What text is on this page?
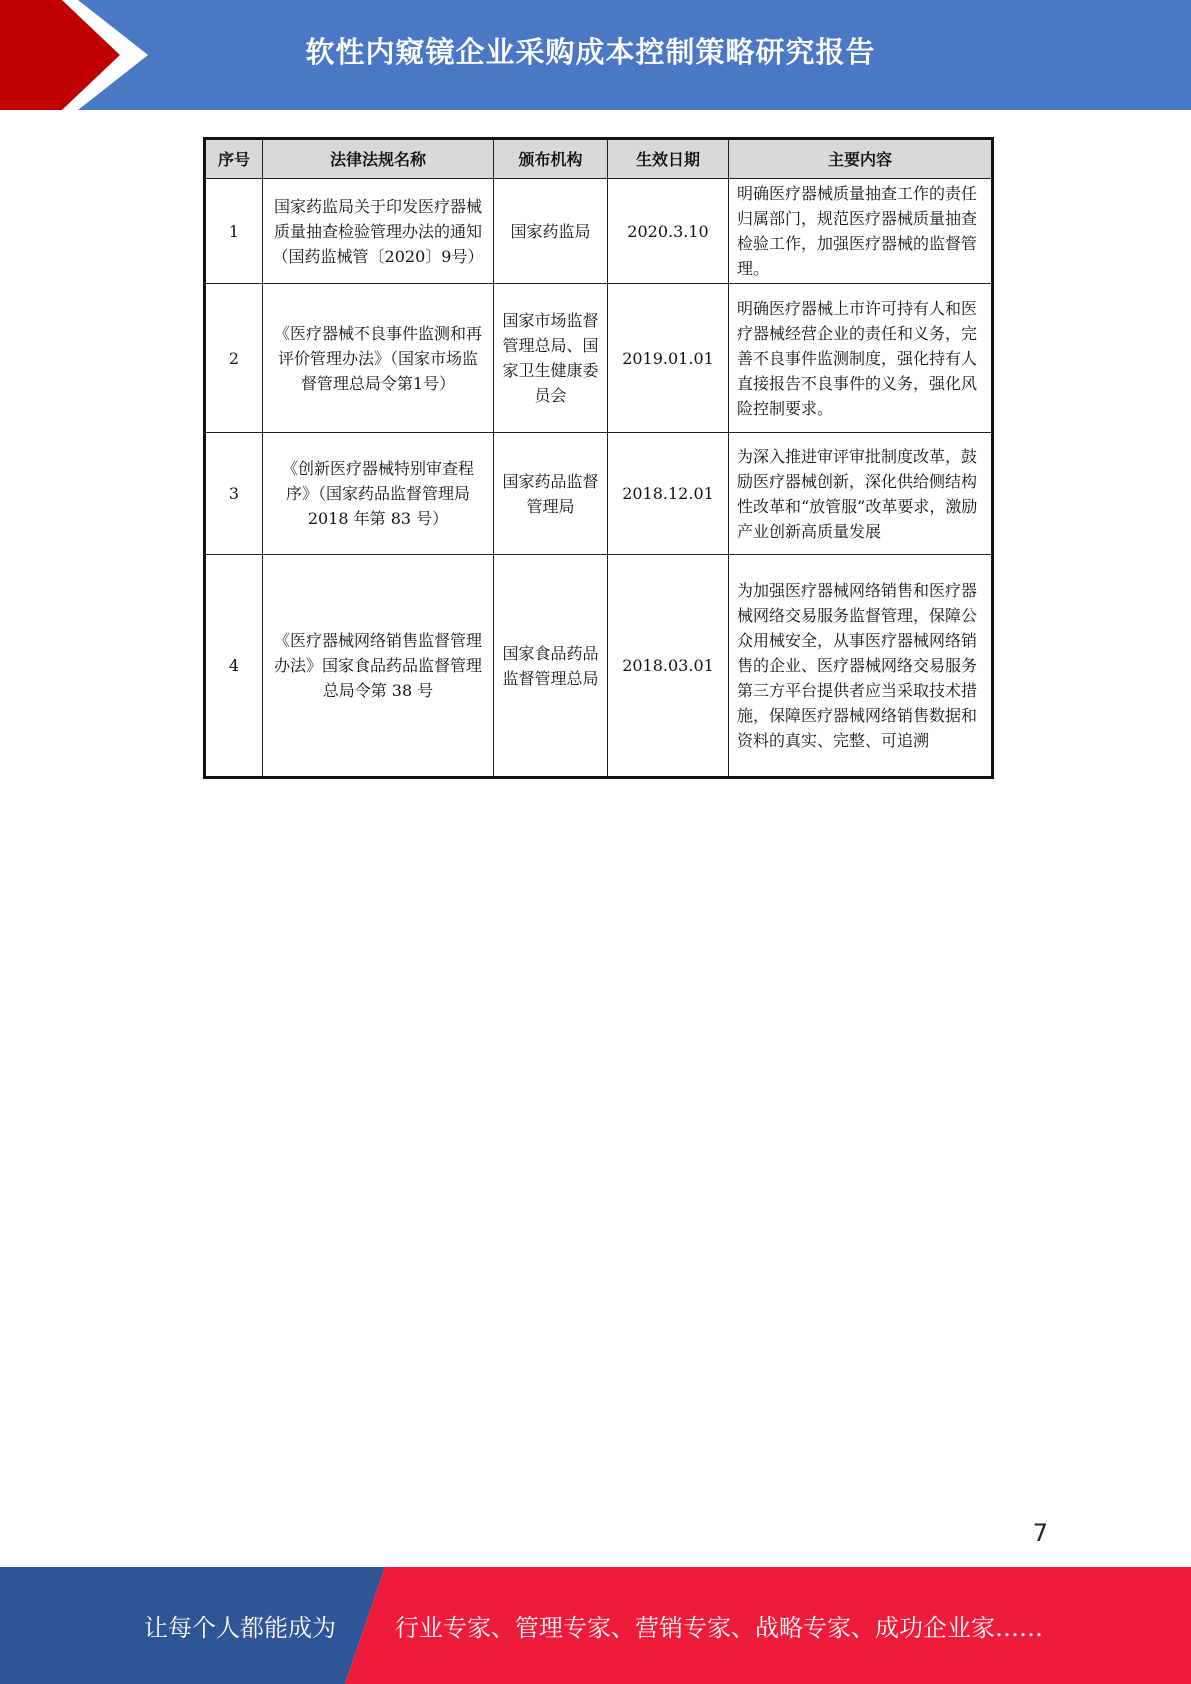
软性内窥镜企业采购成本控制策略研究报告
序号	法律法规名称	颁布机构	生效日期	主要内容
1	国家药监局关于印发医疗器械质量抽查检验管理办法的通知（国药监械管〔2020〕9号）	国家药监局	2020.3.10	明确医疗器械质量抽查工作的责任归属部门，规范医疗器械质量抽查检验工作，加强医疗器械的监督管理。
2	《医疗器械不良事件监测和再评价管理办法》（国家市场监督管理总局令第1号）	国家市场监督管理总局、国家卫生健康委员会	2019.01.01	明确医疗器械上市许可持有人和医疗器械经营企业的责任和义务，完善不良事件监测制度，强化持有人直接报告不良事件的义务，强化风险控制要求。
3	《创新医疗器械特别审查程序》（国家药品监督管理局 2018 年第 83 号）	国家药品监督管理局	2018.12.01	为深入推进审评审批制度改革，鼓励医疗器械创新，深化供给侧结构性改革和“放管服”改革要求，激励产业创新高质量发展
4	《医疗器械网络销售监督管理办法》国家食品药品监督管理总局令第 38 号	国家食品药品监督管理总局	2018.03.01	为加强医疗器械网络销售和医疗器械网络交易服务监督管理，保障公众用械安全，从事医疗器械网络销售的企业、医疗器械网络交易服务第三方平台提供者应当采取技术措施，保障医疗器械网络销售数据和资料的真实、完整、可追溯
7
让每个人都能成为	行业专家、管理专家、营销专家、战略专家、成功企业家……
